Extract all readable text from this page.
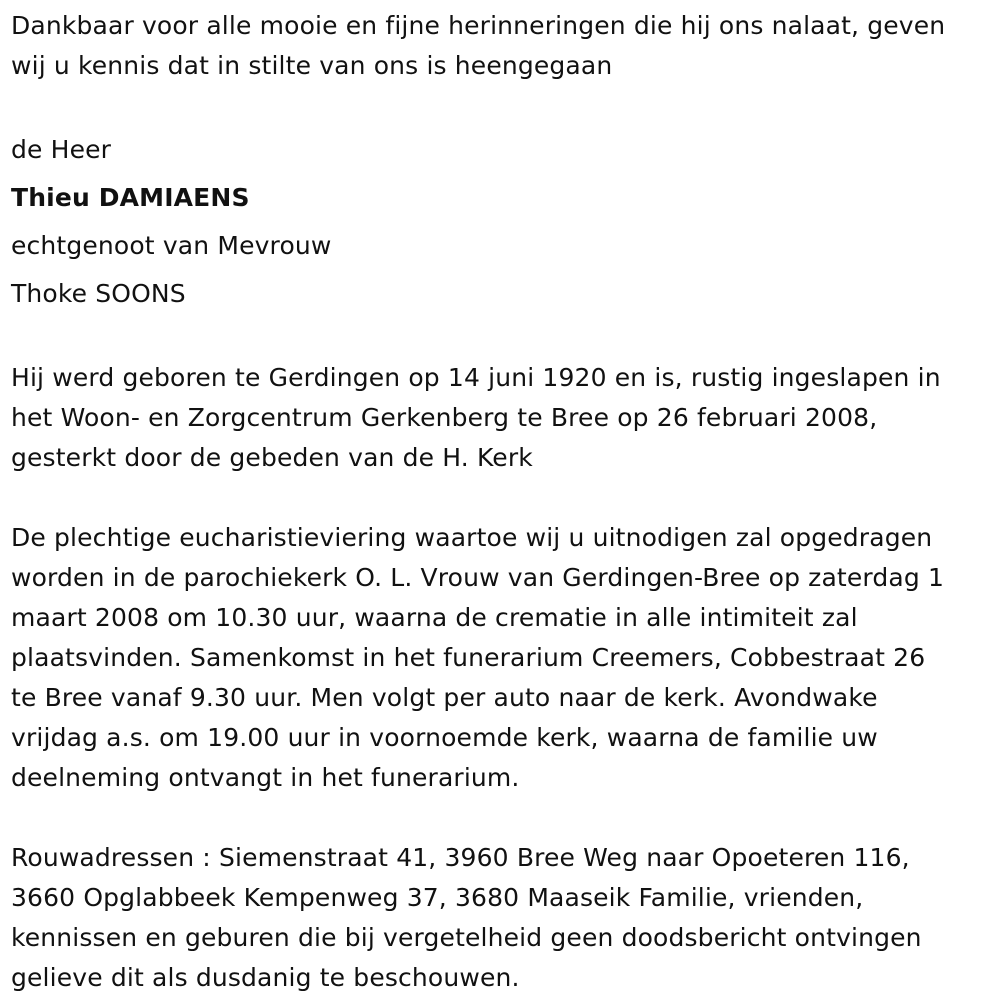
Dankbaar voor alle mooie en fijne herinneringen die hij ons nalaat, geven
wij u kennis dat in stilte van ons is heengegaan

de Heer

Thieu DAMIAENS

echtgenoot van Mevrouw

Thoke SOONS

Hij werd geboren te Gerdingen op 14 juni 1920 en is, rustig ingeslapen in
het Woon- en Zorgcentrum Gerkenberg te Bree op 26 februari 2008,
gesterkt door de gebeden van de H. Kerk

De plechtige eucharistieviering waartoe wij u uitnodigen zal opgedragen
worden in de parochiekerk O. L. Vrouw van Gerdingen-Bree op zaterdag 1
maart 2008 om 10.30 uur, waarna de crematie in alle intimiteit zal
plaatsvinden. Samenkomst in het funerarium Creemers, Cobbestraat 26
te Bree vanaf 9.30 uur. Men volgt per auto naar de kerk. Avondwake
vrijdag a.s. om 19.00 uur in voornoemde kerk, waarna de familie uw
deelneming ontvangt in het funerarium.

Rouwadressen : Siemenstraat 41, 3960 Bree Weg naar Opoeteren 116,
3660 Opglabbeek Kempenweg 37, 3680 Maaseik Familie, vrienden,
kennissen en geburen die bij vergetelheid geen doodsbericht ontvingen
gelieve dit als dusdanig te beschouwen.
